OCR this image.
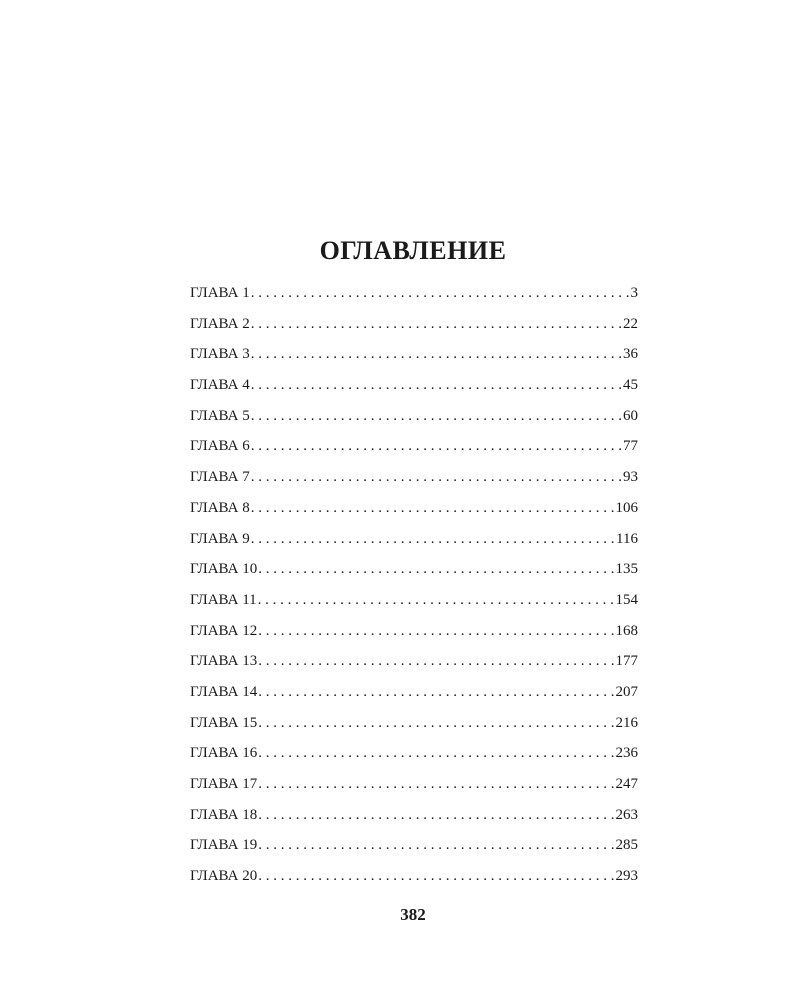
ОГЛАВЛЕНИЕ
ГЛАВА 1 . . .	3
ГЛАВА 2 . . .	22
ГЛАВА 3 . . .	36
ГЛАВА 4 . . .	45
ГЛАВА 5 . . .	60
ГЛАВА 6 . . .	77
ГЛАВА 7 . . .	93
ГЛАВА 8 . . .	106
ГЛАВА 9 . . .	116
ГЛАВА 10 . . .	135
ГЛАВА 11 . . .	154
ГЛАВА 12 . . .	168
ГЛАВА 13 . . .	177
ГЛАВА 14 . . .	207
ГЛАВА 15 . . .	216
ГЛАВА 16 . . .	236
ГЛАВА 17 . . .	247
ГЛАВА 18 . . .	263
ГЛАВА 19 . . .	285
ГЛАВА 20 . . .	293
382
